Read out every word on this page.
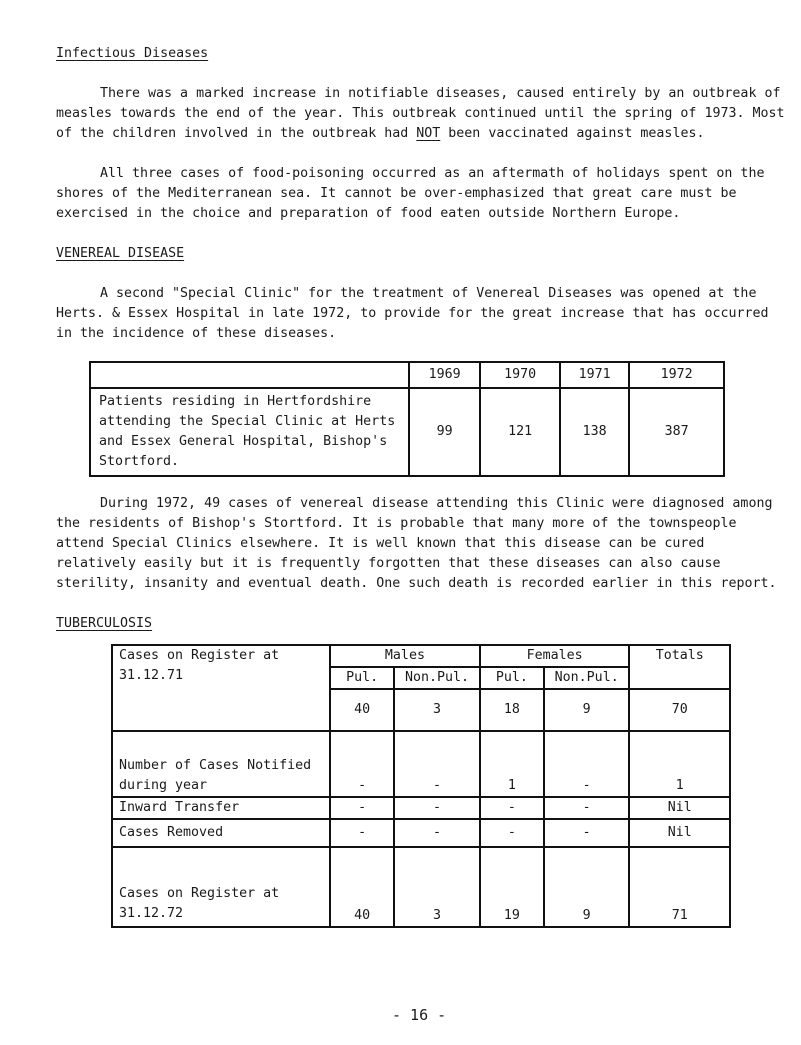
Infectious Diseases

There was a marked increase in notifiable diseases, caused entirely by an outbreak of measles towards the end of the year. This outbreak continued until the spring of 1973. Most of the children involved in the outbreak had NOT been vaccinated against measles.

All three cases of food-poisoning occurred as an aftermath of holidays spent on the shores of the Mediterranean sea. It cannot be over-emphasized that great care must be exercised in the choice and preparation of food eaten outside Northern Europe.

VENEREAL DISEASE

A second "Special Clinic" for the treatment of Venereal Diseases was opened at the Herts. & Essex Hospital in late 1972, to provide for the great increase that has occurred in the incidence of these diseases.

During 1972, 49 cases of venereal disease attending this Clinic were diagnosed among the residents of Bishop's Stortford. It is probable that many more of the townspeople attend Special Clinics elsewhere. It is well known that this disease can be cured relatively easily but it is frequently forgotten that these diseases can also cause sterility, insanity and eventual death. One such death is recorded earlier in this report.

TUBERCULOSIS
	1969	1970	1971	1972
Patients residing in Hertfordshire attending the Special Clinic at Herts and Essex General Hospital, Bishop's Stortford.	99	121	138	387
Cases on Register at 31.12.71	Males		Females		Totals
	Pul.	Non.Pul.	Pul.	Non.Pul.	
	40	3	18	9	70
Number of Cases Notified during year	-	-	1	-	1
Inward Transfer	-	-	-	-	Nil
Cases Removed	-	-	-	-	Nil
Cases on Register at 31.12.72	40	3	19	9	71
- 16 -
